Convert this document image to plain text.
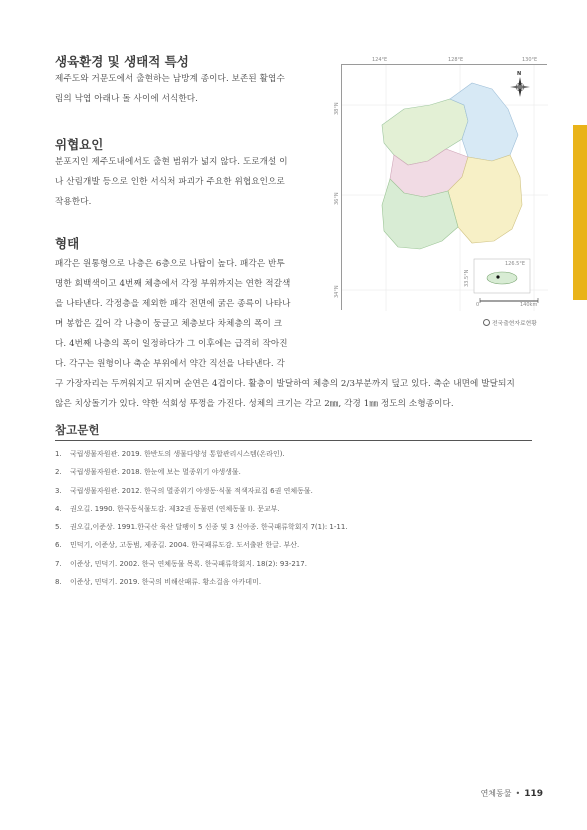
생육환경 및 생태적 특성

제주도와 거문도에서 출현하는 남방계 종이다. 보존된 활엽수
림의 낙엽 아래나 돌 사이에 서식한다.

위협요인

분포지인 제주도내에서도 출현 범위가 넓지 않다. 도로개설 이
나 산림개발 등으로 인한 서식처 파괴가 주요한 위협요인으로
작용한다.

형태

패각은 원통형으로 나층은 6층으로 나탑이 높다. 패각은 반투
명한 회백색이고 4번째 체층에서 각정 부위까지는 연한 적갈색
을 나타낸다. 각정층을 제외한 패각 전면에 굵은 종륵이 나타나
며 봉합은 깊어 각 나층이 둥글고 체층보다 차체층의 폭이 크
다. 4번째 나층의 폭이 일정하다가 그 이후에는 급격히 작아진
다. 각구는 원형이나 축순 부위에서 약간 직선을 나타낸다. 각
구 가장자리는 두꺼워지고 뒤지며 순연은 4겹이다. 활층이 발달하여 체층의 2/3부분까지 덮고 있다. 축순 내면에 발달되지
않은 치상돌기가 있다. 약한 석회성 뚜껑을 가진다. 성체의 크기는 각고 2㎜, 각경 1㎜ 정도의 소형종이다.

124°E	128°E	130°E
38°N
36°N
33.5°N
34°N
126.5°E
N
0	140km
전국출현자료현황
참고문헌
1. 국립생물자원관. 2019. 한반도의 생물다양성 통합관리시스템(온라인).
2. 국립생물자원관. 2018. 한눈에 보는 멸종위기 야생생물.
3. 국립생물자원관. 2012. 한국의 멸종위기 야생동·식물 적색자료집 6권 연체동물.
4. 권오길. 1990. 한국동식물도감. 제32권 동물편 (연체동물 Ⅰ). 문교부.
5. 권오길,이준상. 1991.한국산 육산 달팽이 5 신종 및 3 신아종. 한국패류학회지 7(1): 1-11.
6. 민덕기, 이준상, 고동범, 제종길. 2004. 한국패류도감. 도서출판 한글. 부산.
7. 이준상, 민덕기. 2002. 한국 연체동물 목록. 한국패류학회지. 18(2): 93-217.
8. 이준상, 민덕기. 2019. 한국의 비해산패류. 황소걸음 아카데미.
연체동물 • 119
